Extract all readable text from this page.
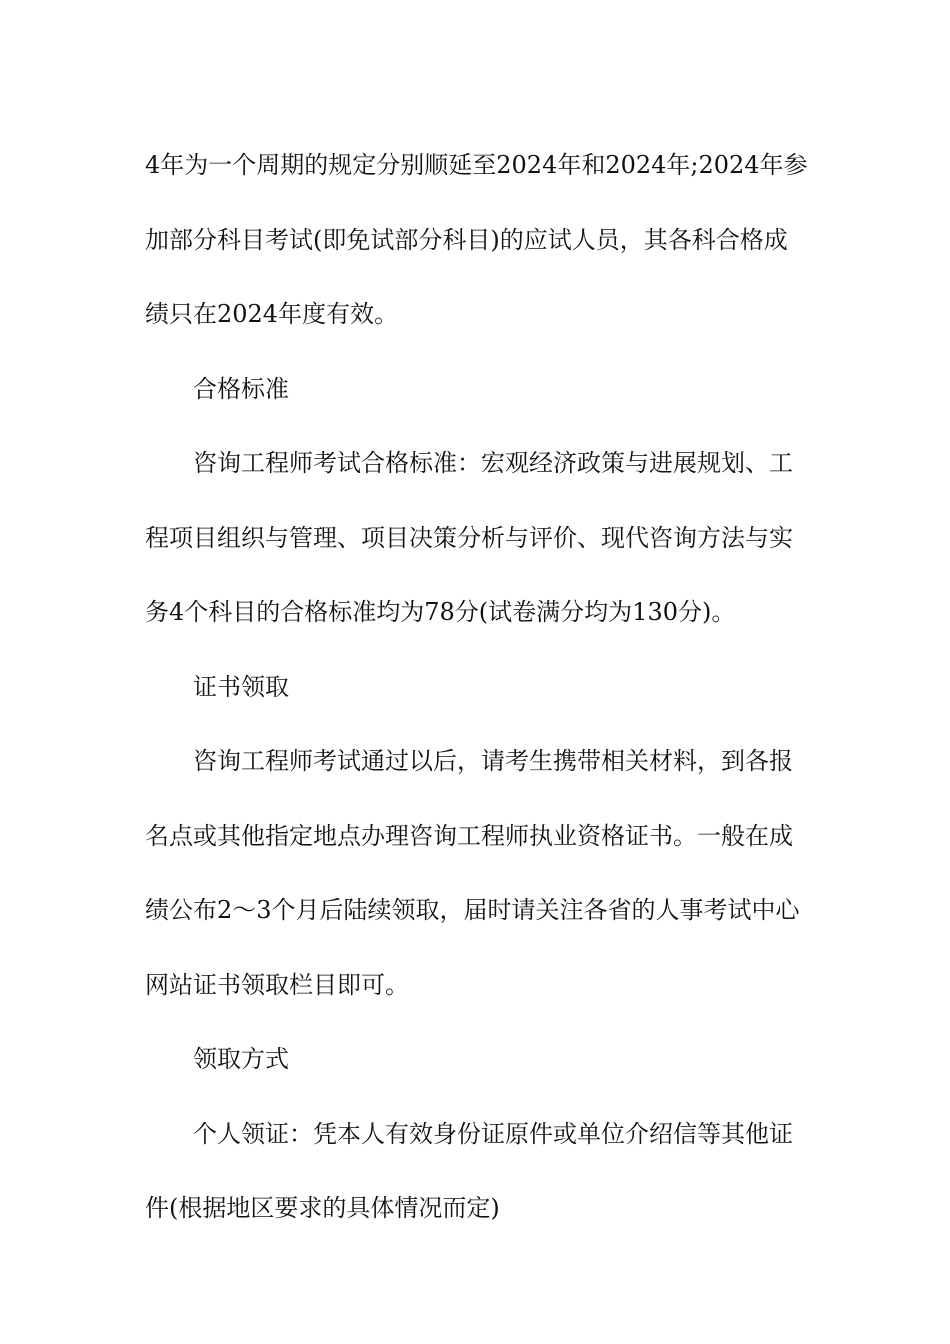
4年为一个周期的规定分别顺延至2024年和2024年;2024年参
加部分科目考试(即免试部分科目)的应试人员，其各科合格成
绩只在2024年度有效。

合格标准

咨询工程师考试合格标准：宏观经济政策与进展规划、工
程项目组织与管理、项目决策分析与评价、现代咨询方法与实
务4个科目的合格标准均为78分(试卷满分均为130分)。

证书领取

咨询工程师考试通过以后，请考生携带相关材料，到各报
名点或其他指定地点办理咨询工程师执业资格证书。一般在成
绩公布2～3个月后陆续领取，届时请关注各省的人事考试中心
网站证书领取栏目即可。

领取方式

个人领证：凭本人有效身份证原件或单位介绍信等其他证
件(根据地区要求的具体情况而定)
